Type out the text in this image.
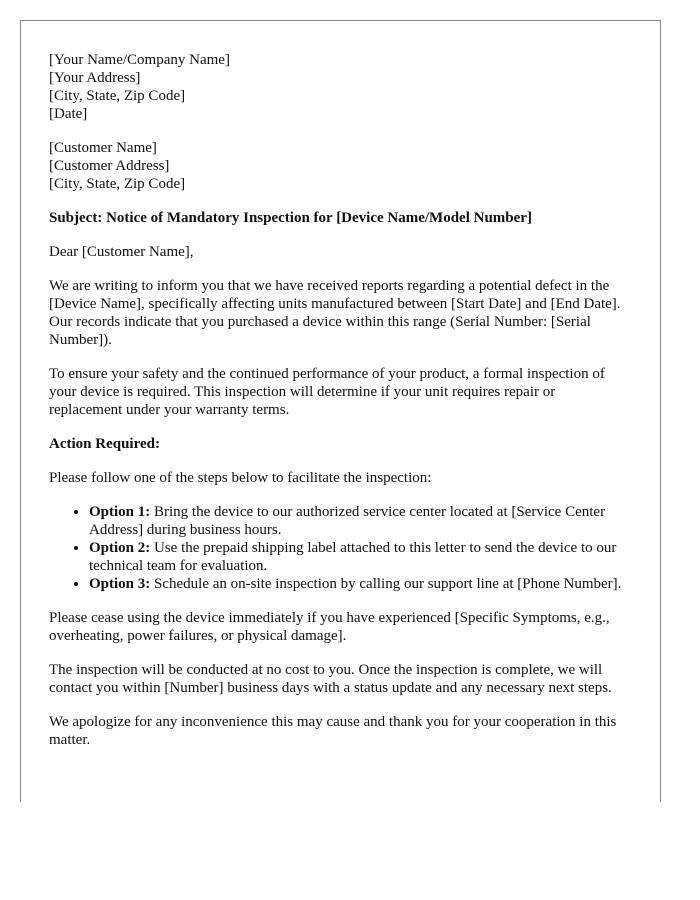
[Your Name/Company Name]
[Your Address]
[City, State, Zip Code]
[Date]
[Customer Name]
[Customer Address]
[City, State, Zip Code]

Subject: Notice of Mandatory Inspection for [Device Name/Model Number]

Dear [Customer Name],

We are writing to inform you that we have received reports regarding a potential defect in the [Device Name], specifically affecting units manufactured between [Start Date] and [End Date]. Our records indicate that you purchased a device within this range (Serial Number: [Serial Number]).

To ensure your safety and the continued performance of your product, a formal inspection of your device is required. This inspection will determine if your unit requires repair or replacement under your warranty terms.

Action Required:

Please follow one of the steps below to facilitate the inspection:

• Option 1: Bring the device to our authorized service center located at [Service Center Address] during business hours.
• Option 2: Use the prepaid shipping label attached to this letter to send the device to our technical team for evaluation.
• Option 3: Schedule an on-site inspection by calling our support line at [Phone Number].

Please cease using the device immediately if you have experienced [Specific Symptoms, e.g., overheating, power failures, or physical damage].

The inspection will be conducted at no cost to you. Once the inspection is complete, we will contact you within [Number] business days with a status update and any necessary next steps.

We apologize for any inconvenience this may cause and thank you for your cooperation in this matter.
